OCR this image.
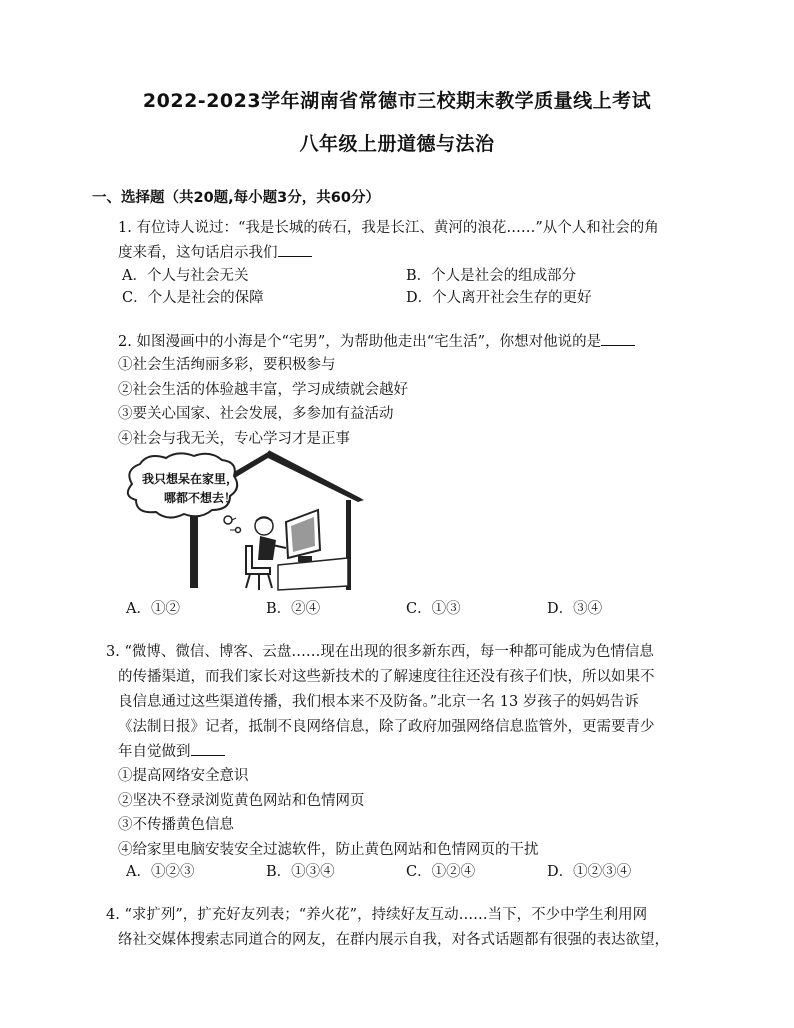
2022-2023学年湖南省常德市三校期末教学质量线上考试
八年级上册道德与法治
一、选择题（共20题,每小题3分，共60分）
1. 有位诗人说过：“我是长城的砖石，我是长江、黄河的浪花……”从个人和社会的角
度来看，这句话启示我们
A．个人与社会无关	B．个人是社会的组成部分
C．个人是社会的保障	D．个人离开社会生存的更好
2. 如图漫画中的小海是个“宅男”，为帮助他走出“宅生活”，你想对他说的是
①社会生活绚丽多彩，要积极参与
②社会生活的体验越丰富，学习成绩就会越好
③要关心国家、社会发展，多参加有益活动
④社会与我无关，专心学习才是正事
我只想呆在家里，
哪都不想去！
A．①②	B．②④	C．①③	D．③④
3. “微博、微信、博客、云盘……现在出现的很多新东西，每一种都可能成为色情信息
的传播渠道，而我们家长对这些新技术的了解速度往往还没有孩子们快，所以如果不
良信息通过这些渠道传播，我们根本来不及防备。”北京一名 13 岁孩子的妈妈告诉
《法制日报》记者，抵制不良网络信息，除了政府加强网络信息监管外，更需要青少
年自觉做到
①提高网络安全意识
②坚决不登录浏览黄色网站和色情网页
③不传播黄色信息
④给家里电脑安装安全过滤软件，防止黄色网站和色情网页的干扰
A．①②③	B．①③④	C．①②④	D．①②③④
4. “求扩列”，扩充好友列表；“养火花”，持续好友互动……当下，不少中学生利用网
络社交媒体搜索志同道合的网友，在群内展示自我，对各式话题都有很强的表达欲望，
